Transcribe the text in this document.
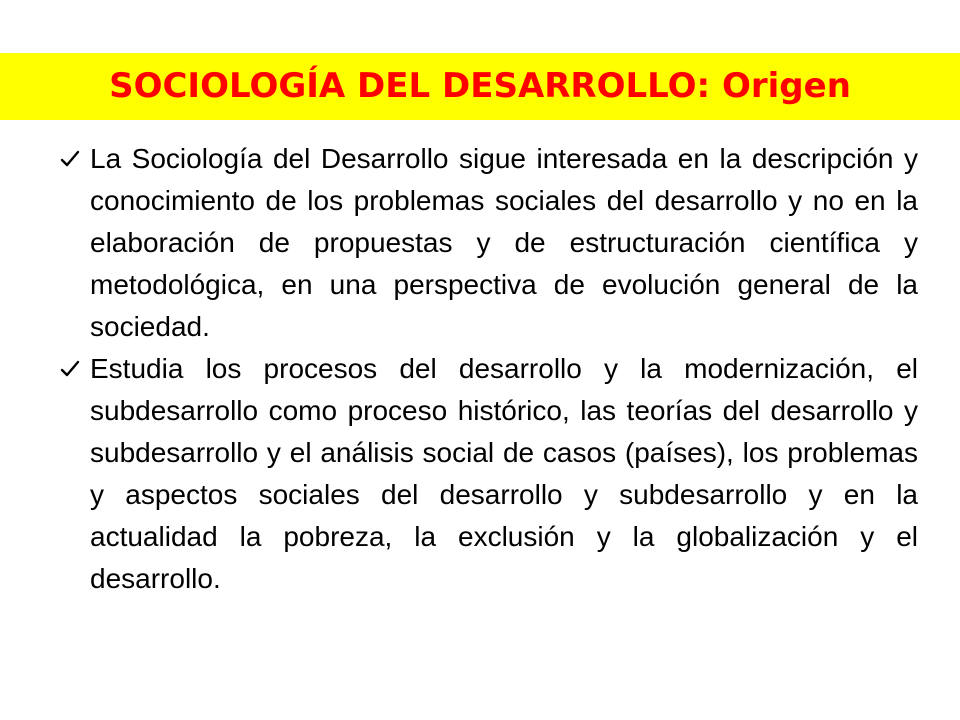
SOCIOLOGÍA DEL DESARROLLO: Origen
La Sociología del Desarrollo sigue interesada en la descripción y conocimiento de los problemas sociales del desarrollo y no en la elaboración de propuestas y de estructuración científica y metodológica, en una perspectiva de evolución general de la sociedad.
Estudia los procesos del desarrollo y la modernización, el subdesarrollo como proceso histórico, las teorías del desarrollo y subdesarrollo y el análisis social de casos (países), los problemas y aspectos sociales del desarrollo y subdesarrollo y en la actualidad la pobreza, la exclusión y la globalización y el desarrollo.
